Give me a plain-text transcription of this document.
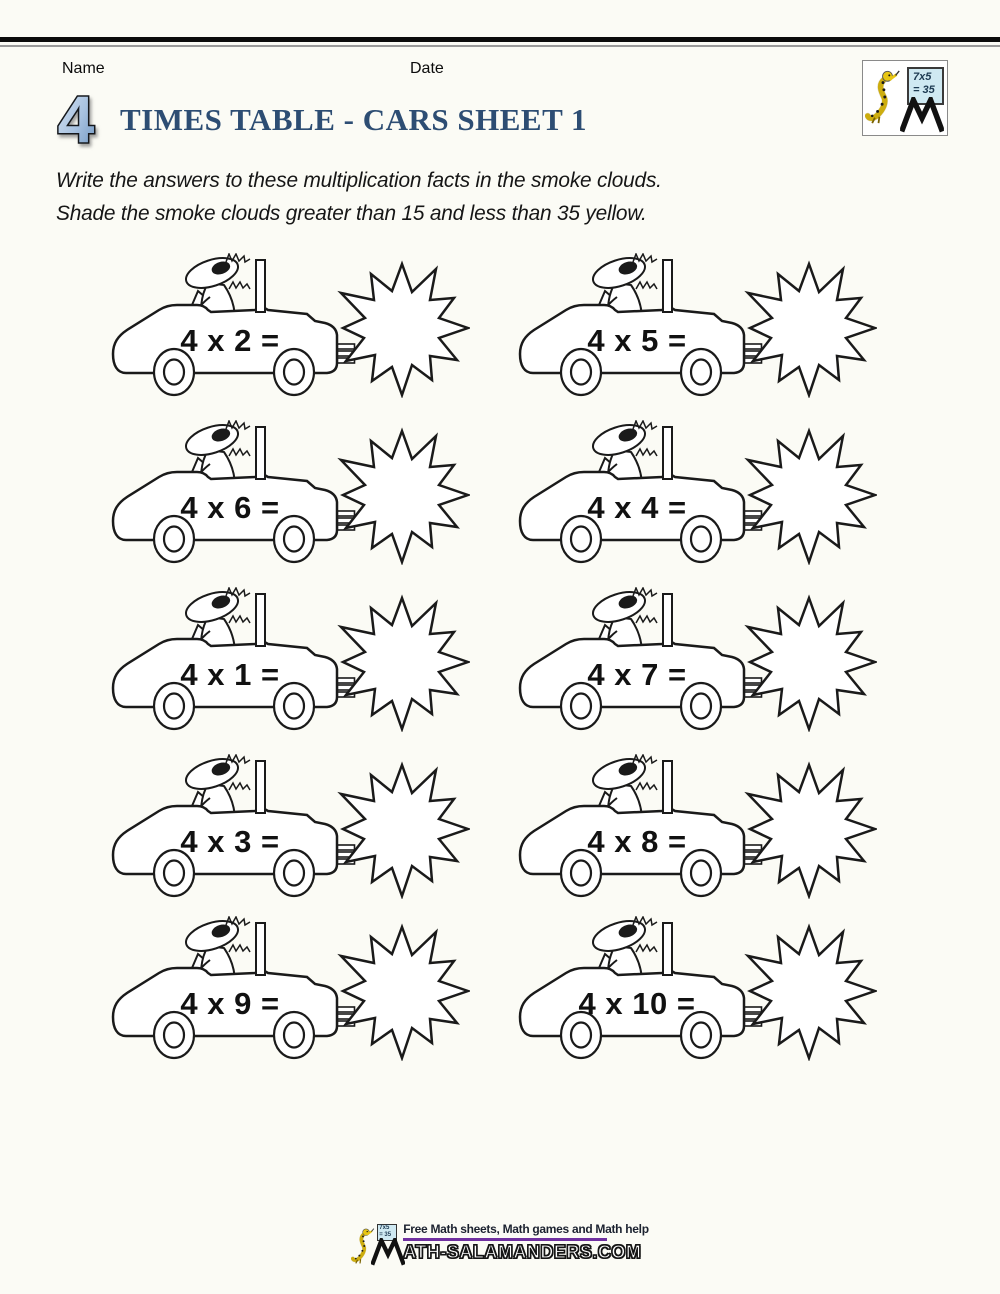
Name	Date
4 TIMES TABLE - CARS SHEET 1
7x5
= 35

Write the answers to these multiplication facts in the smoke clouds.

Shade the smoke clouds greater than 15 and less than 35 yellow.

4 x 2 =	4 x 5 =
4 x 6 =	4 x 4 =
4 x 1 =	4 x 7 =
4 x 3 =	4 x 8 =
4 x 9 =	4 x 10 =
7x5
= 35	Free Math sheets, Math games and Math help
ATH-SALAMANDERS.COM
